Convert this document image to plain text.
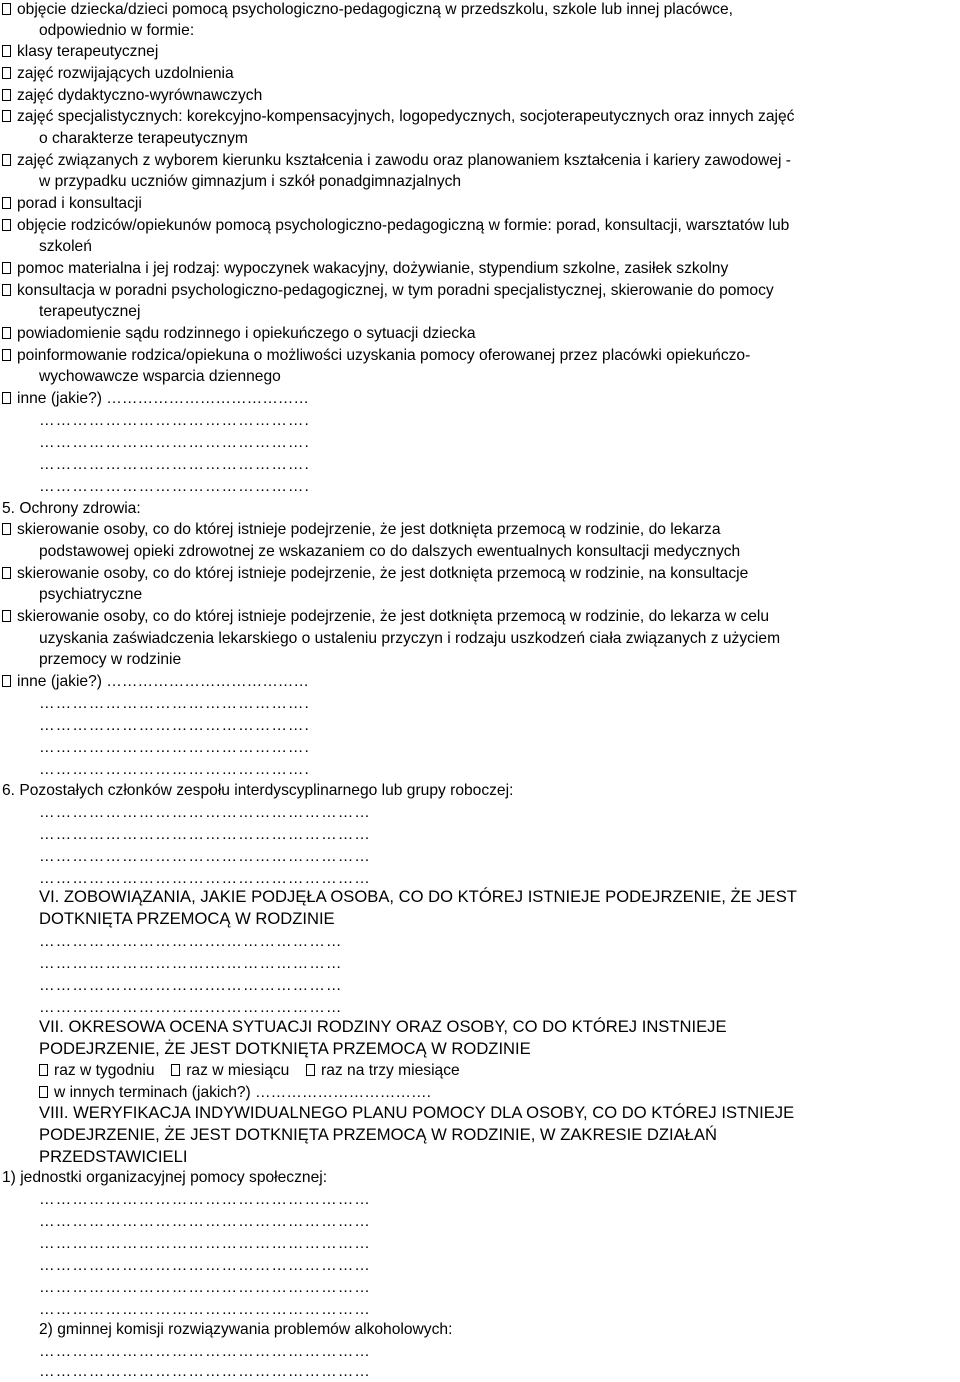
objęcie dziecka/dzieci pomocą psychologiczno-pedagogiczną w przedszkolu, szkole lub innej placówce,
odpowiednio w formie:
klasy terapeutycznej
zajęć rozwijających uzdolnienia
zajęć dydaktyczno-wyrównawczych
zajęć specjalistycznych: korekcyjno-kompensacyjnych, logopedycznych, socjoterapeutycznych oraz innych zajęć
o charakterze terapeutycznym
zajęć związanych z wyborem kierunku kształcenia i zawodu oraz planowaniem kształcenia i kariery zawodowej -
w przypadku uczniów gimnazjum i szkół ponadgimnazjalnych
porad i konsultacji
objęcie rodziców/opiekunów pomocą psychologiczno-pedagogiczną w formie: porad, konsultacji, warsztatów lub
szkoleń
pomoc materialna i jej rodzaj: wypoczynek wakacyjny, dożywianie, stypendium szkolne, zasiłek szkolny
konsultacja w poradni psychologiczno-pedagogicznej, w tym poradni specjalistycznej, skierowanie do pomocy
terapeutycznej
powiadomienie sądu rodzinnego i opiekuńczego o sytuacji dziecka
poinformowanie rodzica/opiekuna o możliwości uzyskania pomocy oferowanej przez placówki opiekuńczo-
wychowawcze wsparcia dziennego
inne (jakie?) …………………………………
………………………………………….
………………………………………….
………………………………………….
………………………………………….
5. Ochrony zdrowia:
skierowanie osoby, co do której istnieje podejrzenie, że jest dotknięta przemocą w rodzinie, do lekarza
podstawowej opieki zdrowotnej ze wskazaniem co do dalszych ewentualnych konsultacji medycznych
skierowanie osoby, co do której istnieje podejrzenie, że jest dotknięta przemocą w rodzinie, na konsultacje
psychiatryczne
skierowanie osoby, co do której istnieje podejrzenie, że jest dotknięta przemocą w rodzinie, do lekarza w celu
uzyskania zaświadczenia lekarskiego o ustaleniu przyczyn i rodzaju uszkodzeń ciała związanych z użyciem
przemocy w rodzinie
inne (jakie?) …………………………………
………………………………………….
………………………………………….
………………………………………….
………………………………………….
6. Pozostałych członków zespołu interdyscyplinarnego lub grupy roboczej:
……………………………………………………
……………………………………………………
……………………………………………………
……………………………………………………
VI. ZOBOWIĄZANIA, JAKIE PODJĘŁA OSOBA, CO DO KTÓREJ ISTNIEJE PODEJRZENIE, ŻE JEST
DOTKNIĘTA PRZEMOCĄ W RODZINIE
…………………………....…………………
…………………………....…………………
…………………………....…………………
…………………………....…………………
VII. OKRESOWA OCENA SYTUACJI RODZINY ORAZ OSOBY, CO DO KTÓREJ INSTNIEJE
PODEJRZENIE, ŻE JEST DOTKNIĘTA PRZEMOCĄ W RODZINIE
raz w tygodniu raz w miesiącu raz na trzy miesiące
w innych terminach (jakich?) …………………………….
VIII. WERYFIKACJA INDYWIDUALNEGO PLANU POMOCY DLA OSOBY, CO DO KTÓREJ ISTNIEJE
PODEJRZENIE, ŻE JEST DOTKNIĘTA PRZEMOCĄ W RODZINIE, W ZAKRESIE DZIAŁAŃ
PRZEDSTAWICIELI
1) jednostki organizacyjnej pomocy społecznej:
……………………………………………………
……………………………………………………
……………………………………………………
……………………………………………………
……………………………………………………
……………………………………………………
2) gminnej komisji rozwiązywania problemów alkoholowych:
……………………………………………………
……………………………………………………
